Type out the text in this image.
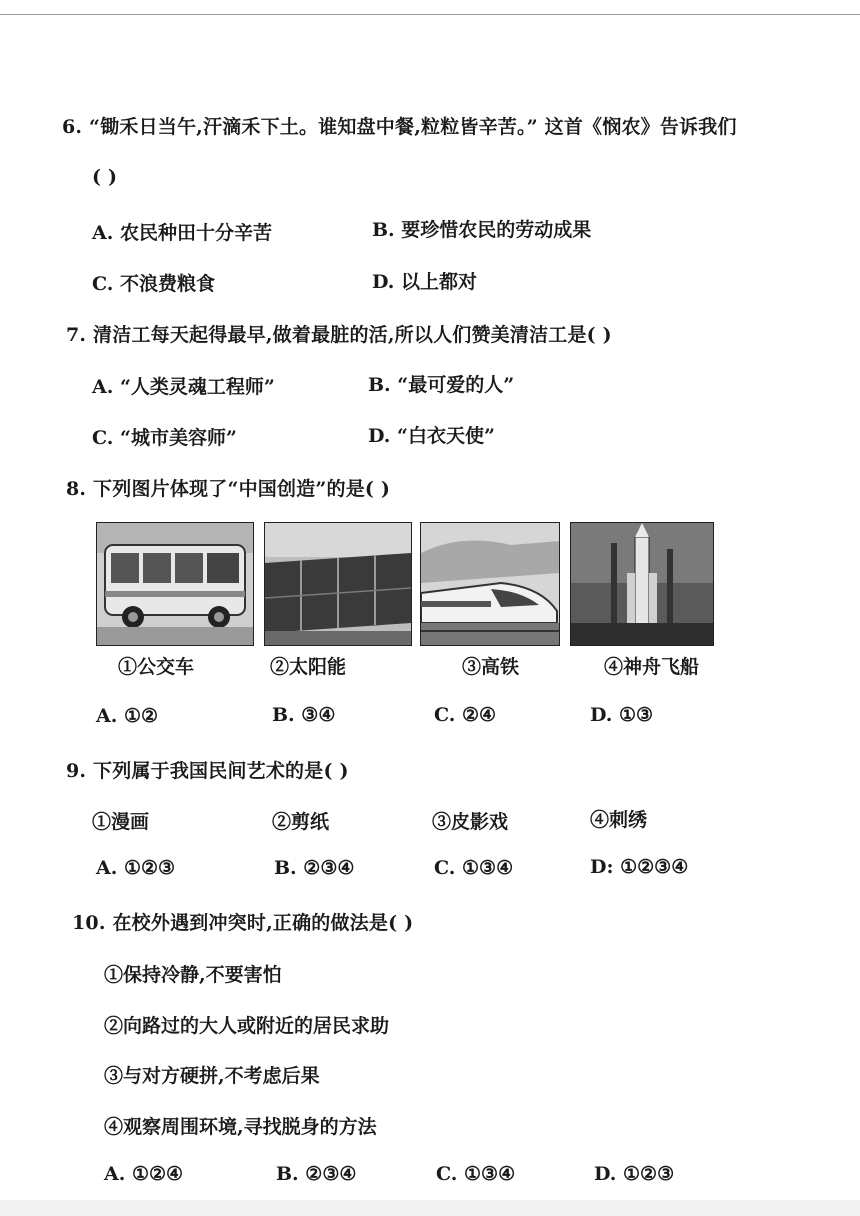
6. “锄禾日当午,汗滴禾下土。谁知盘中餐,粒粒皆辛苦。” 这首《悯农》告诉我们
( )
A. 农民种田十分辛苦	B. 要珍惜农民的劳动成果
C. 不浪费粮食	D. 以上都对
7. 清洁工每天起得最早,做着最脏的活,所以人们赞美清洁工是( )
A. “人类灵魂工程师”	B. “最可爱的人”
C. “城市美容师”	D. “白衣天使”
8. 下列图片体现了“中国创造”的是( )
①公交车	②太阳能	③高铁	④神舟飞船
A. ①②	B. ③④	C. ②④	D. ①③
9. 下列属于我国民间艺术的是( )
①漫画	②剪纸	③皮影戏	④刺绣
A. ①②③	B. ②③④	C. ①③④	D: ①②③④
10. 在校外遇到冲突时,正确的做法是( )
①保持冷静,不要害怕
②向路过的大人或附近的居民求助
③与对方硬拼,不考虑后果
④观察周围环境,寻找脱身的方法
A. ①②④	B. ②③④	C. ①③④	D. ①②③
